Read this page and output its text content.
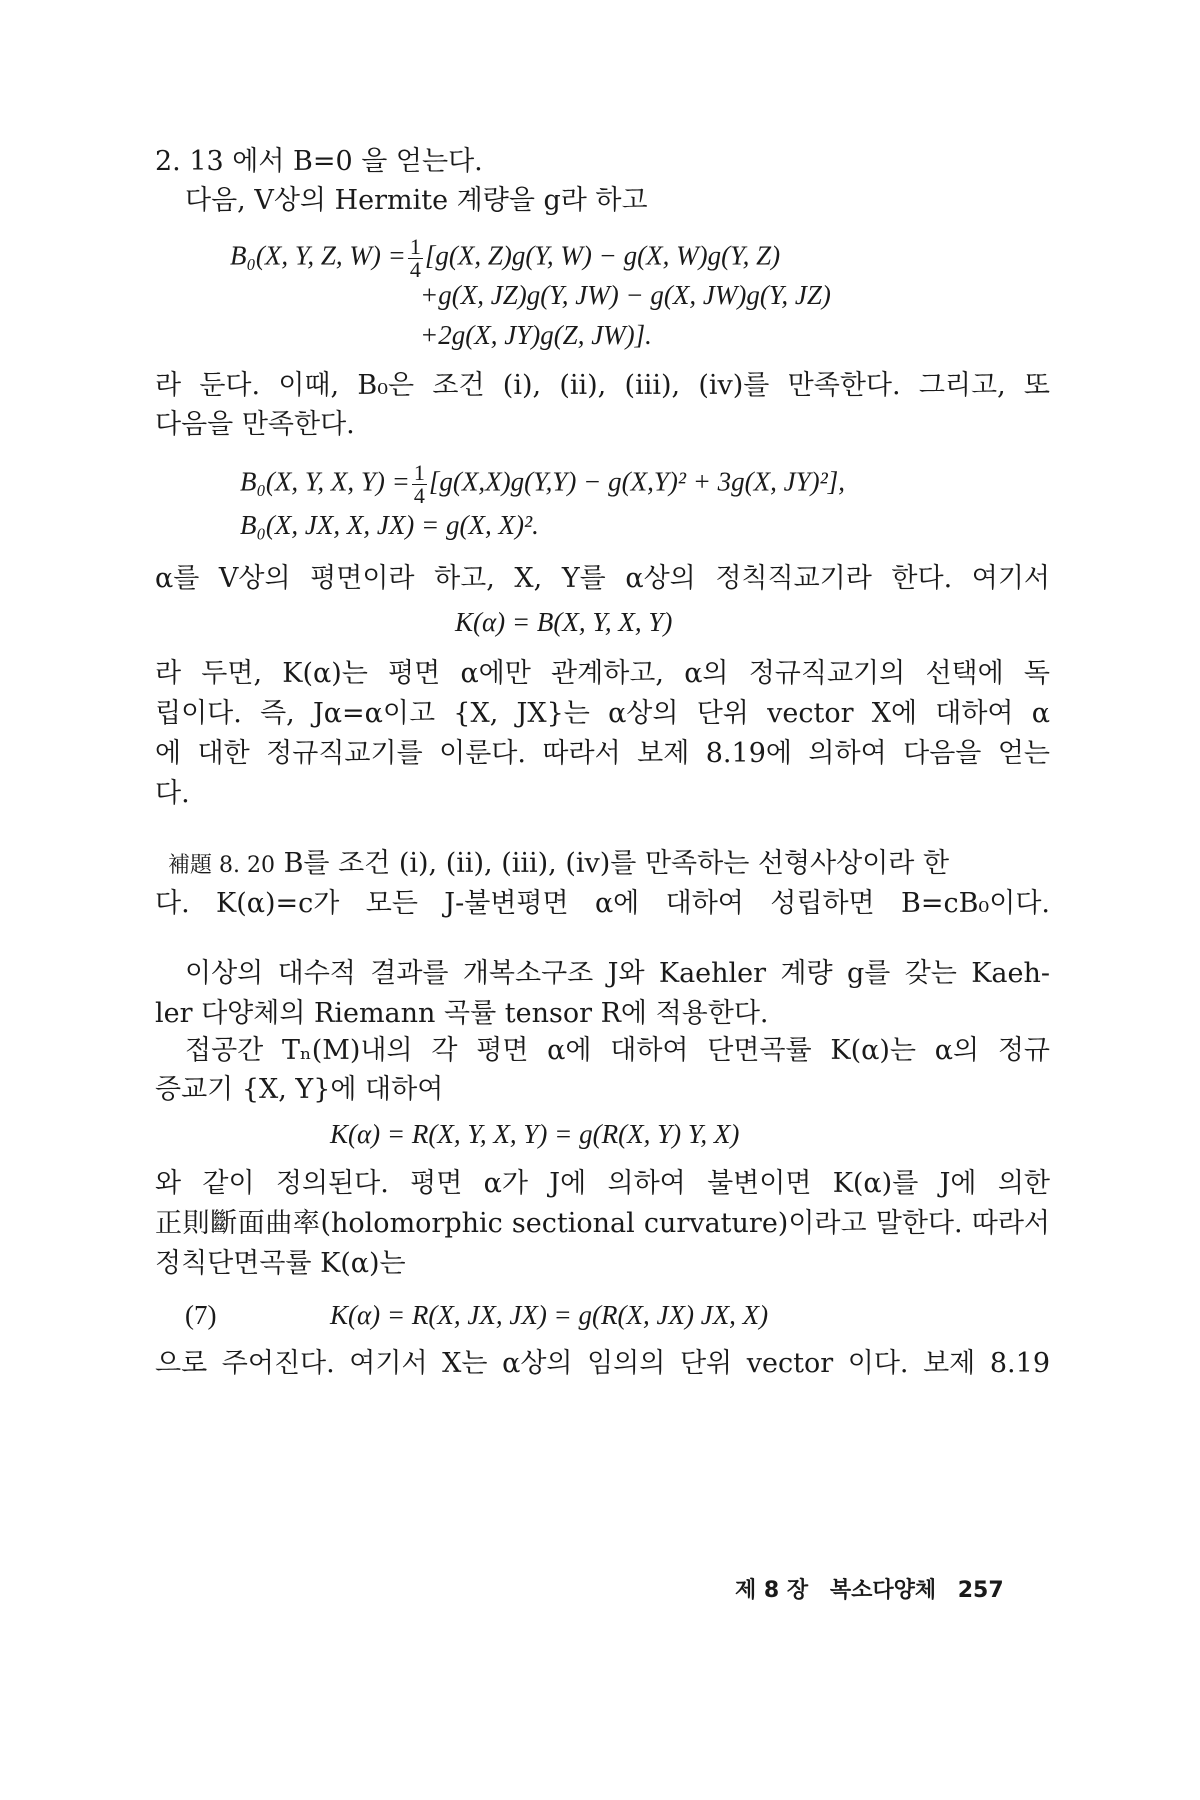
2. 13 에서 B=0 을 얻는다.
다음, V상의 Hermite 계량을 g라 하고
B₀(X, Y, Z, $W) = \frac{1}{4} [g(X$, Z)g(Y, W) − g(X, W)g(Y, Z)
+g(X, JZ)g(Y, JW) − g(X, JW)g(Y, JZ)
+2g(X, JY)g(Z, JW)].
라 둔다. 이때, B₀은 조건 (i), (ii), (iii), (iv)를 만족한다. 그리고, 또
다음을 만족한다.
B₀(X, Y, X, $Y) = \frac{1}{4} [g(X,X)g(Y,Y) - g(X,Y)^2 + 3g(X$, JY)²],
B₀(X, JX, X, JX) = g(X, X)².
α를 V상의 평면이라 하고, X, Y를 α상의 정칙직교기라 한다. 여기서
K(α) = B(X, Y, X, Y)
라 두면, K(α)는 평면 α에만 관계하고, α의 정규직교기의 선택에 독
립이다. 즉, Jα=α이고 {X, JX}는 α상의 단위 vector X에 대하여 α
에 대한 정규직교기를 이룬다. 따라서 보제 8.19에 의하여 다음을 얻는
다.
補題 8. 20 B를 조건 (i), (ii), (iii), (iv)를 만족하는 선형사상이라 한
다. K(α)=c가 모든 J-불변평면 α에 대하여 성립하면 B=cB₀이다.
이상의 대수적 결과를 개복소구조 J와 Kaehler 계량 g를 갖는 Kaeh-
ler 다양체의 Riemann 곡률 tensor R에 적용한다.
접공간 Tₙ(M)내의 각 평면 α에 대하여 단면곡률 K(α)는 α의 정규
증교기 {X, Y}에 대하여
K(α) = R(X, Y, X, Y) = g(R(X, Y) Y, X)
와 같이 정의된다. 평면 α가 J에 의하여 불변이면 K(α)를 J에 의한
正則斷面曲率(holomorphic sectional curvature)이라고 말한다. 따라서
정칙단면곡률 K(α)는
(7)	K(α) = R(X, JX, JX) = g(R(X, JX) JX, X)
으로 주어진다. 여기서 X는 α상의 임의의 단위 vector 이다. 보제 8.19
제 8 장 복소다양체 257
